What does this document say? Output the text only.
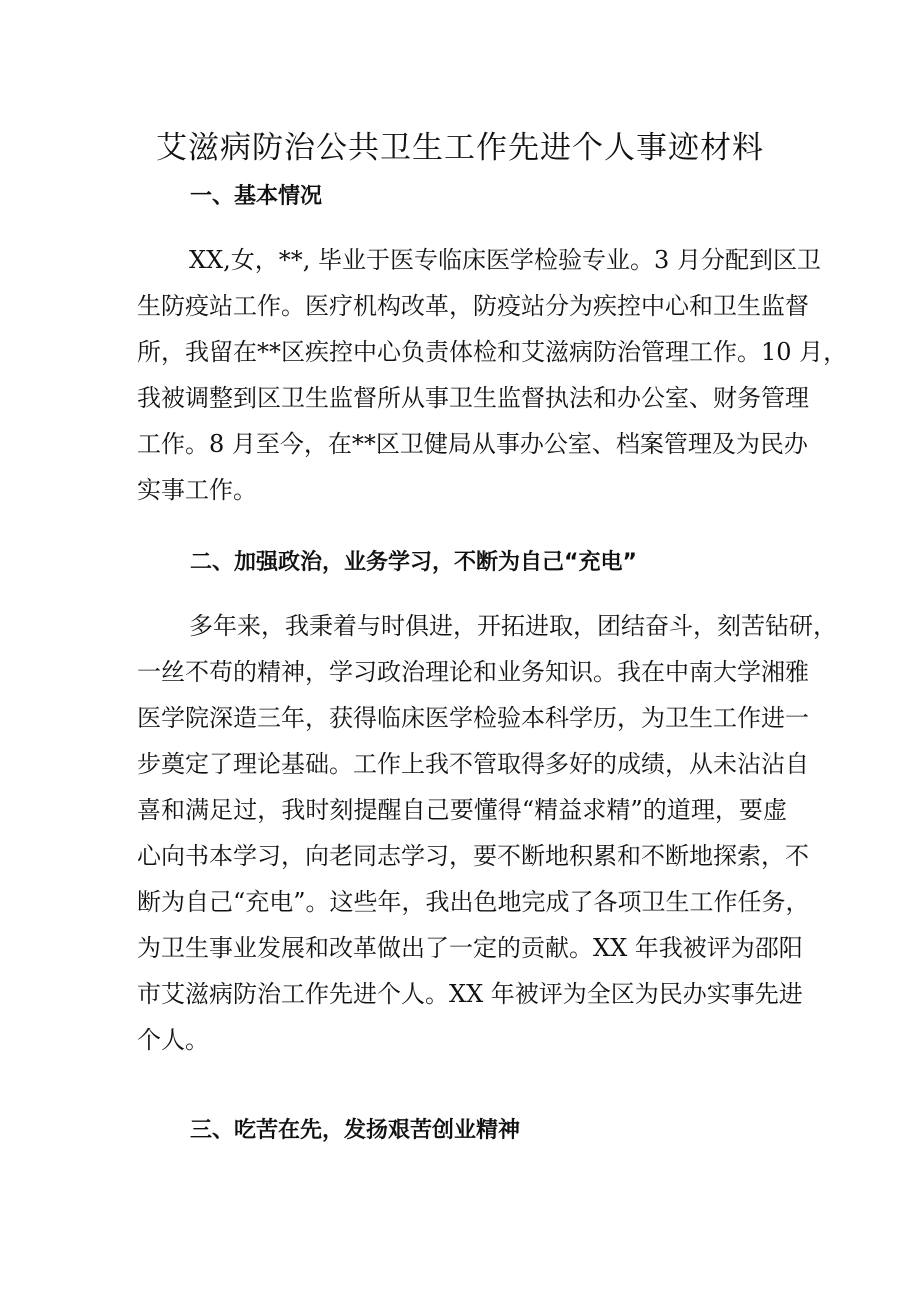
艾滋病防治公共卫生工作先进个人事迹材料
一、基本情况
XX,女，**, 毕业于医专临床医学检验专业。3 月分配到区卫
生防疫站工作。医疗机构改革，防疫站分为疾控中心和卫生监督
所，我留在**区疾控中心负责体检和艾滋病防治管理工作。10 月，
我被调整到区卫生监督所从事卫生监督执法和办公室、财务管理
工作。8 月至今，在**区卫健局从事办公室、档案管理及为民办
实事工作。
二、加强政治，业务学习，不断为自己“充电”
多年来，我秉着与时俱进，开拓进取，团结奋斗，刻苦钻研，
一丝不苟的精神，学习政治理论和业务知识。我在中南大学湘雅
医学院深造三年，获得临床医学检验本科学历，为卫生工作进一
步奠定了理论基础。工作上我不管取得多好的成绩，从未沾沾自
喜和满足过，我时刻提醒自己要懂得“精益求精”的道理，要虚
心向书本学习，向老同志学习，要不断地积累和不断地探索，不
断为自己“充电”。这些年，我出色地完成了各项卫生工作任务，
为卫生事业发展和改革做出了一定的贡献。XX 年我被评为邵阳
市艾滋病防治工作先进个人。XX 年被评为全区为民办实事先进
个人。
三、吃苦在先，发扬艰苦创业精神
